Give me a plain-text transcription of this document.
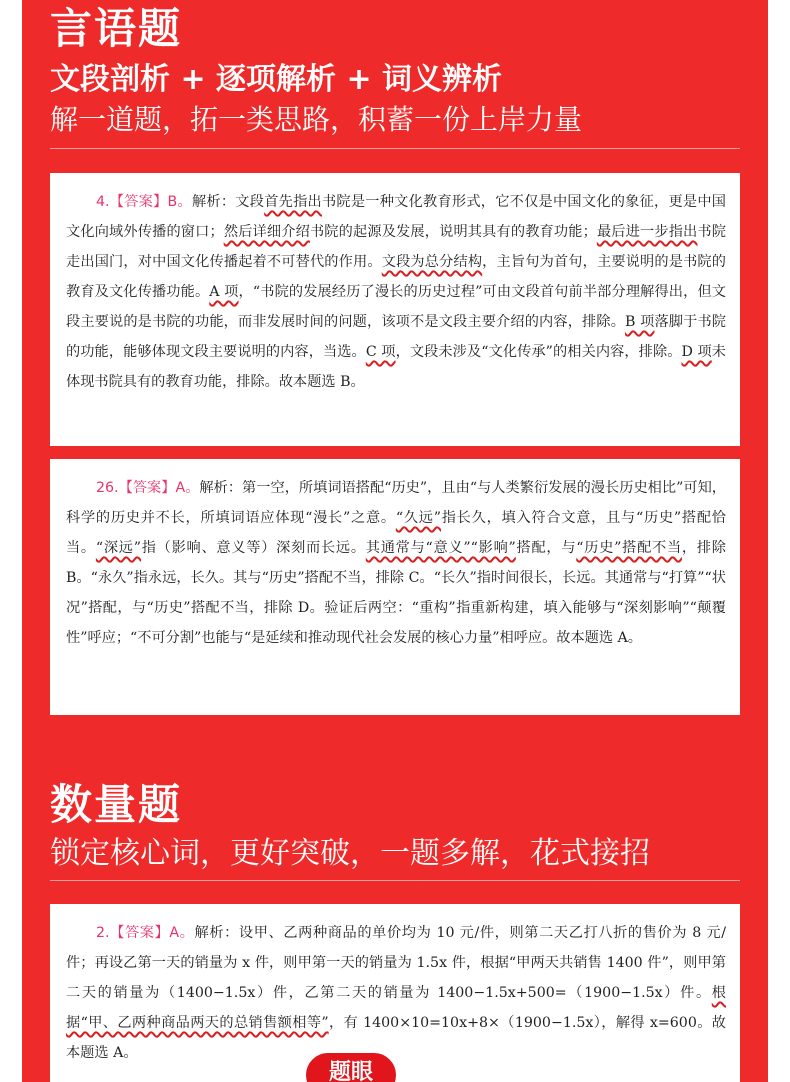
言语题
文段剖析 + 逐项解析 + 词义辨析
解一道题，拓一类思路，积蓄一份上岸力量

4.【答案】B。解析：文段首先指出书院是一种文化教育形式，它不仅是中国文化的象征，更是中国文化向域外传播的窗口；然后详细介绍书院的起源及发展，说明其具有的教育功能；最后进一步指出书院走出国门，对中国文化传播起着不可替代的作用。文段为总分结构，主旨句为首句，主要说明的是书院的教育及文化传播功能。A 项，“书院的发展经历了漫长的历史过程”可由文段首句前半部分理解得出，但文段主要说的是书院的功能，而非发展时间的问题，该项不是文段主要介绍的内容，排除。B 项落脚于书院的功能，能够体现文段主要说明的内容，当选。C 项，文段未涉及“文化传承”的相关内容，排除。D 项未体现书院具有的教育功能，排除。故本题选 B。

26.【答案】A。解析：第一空，所填词语搭配“历史”，且由“与人类繁衍发展的漫长历史相比”可知，科学的历史并不长，所填词语应体现“漫长”之意。“久远”指长久，填入符合文意，且与“历史”搭配恰当。“深远”指（影响、意义等）深刻而长远。其通常与“意义”“影响”搭配，与“历史”搭配不当，排除 B。“永久”指永远，长久。其与“历史”搭配不当，排除 C。“长久”指时间很长，长远。其通常与“打算”“状况”搭配，与“历史”搭配不当，排除 D。验证后两空：“重构”指重新构建，填入能够与“深刻影响”“颠覆性”呼应；“不可分割”也能与“是延续和推动现代社会发展的核心力量”相呼应。故本题选 A。

数量题
锁定核心词，更好突破，一题多解，花式接招

2.【答案】A。解析：设甲、乙两种商品的单价均为 10 元/件，则第二天乙打八折的售价为 8 元/件；再设乙第一天的销量为 x 件，则甲第一天的销量为 1.5x 件，根据“甲两天共销售 1400 件”，则甲第二天的销量为（1400−1.5x）件，乙第二天的销量为 1400−1.5x+500=（1900−1.5x）件。根据“甲、乙两种商品两天的总销售额相等”，有 1400×10=10x+8×（1900−1.5x），解得 x=600。故本题选 A。

题眼
